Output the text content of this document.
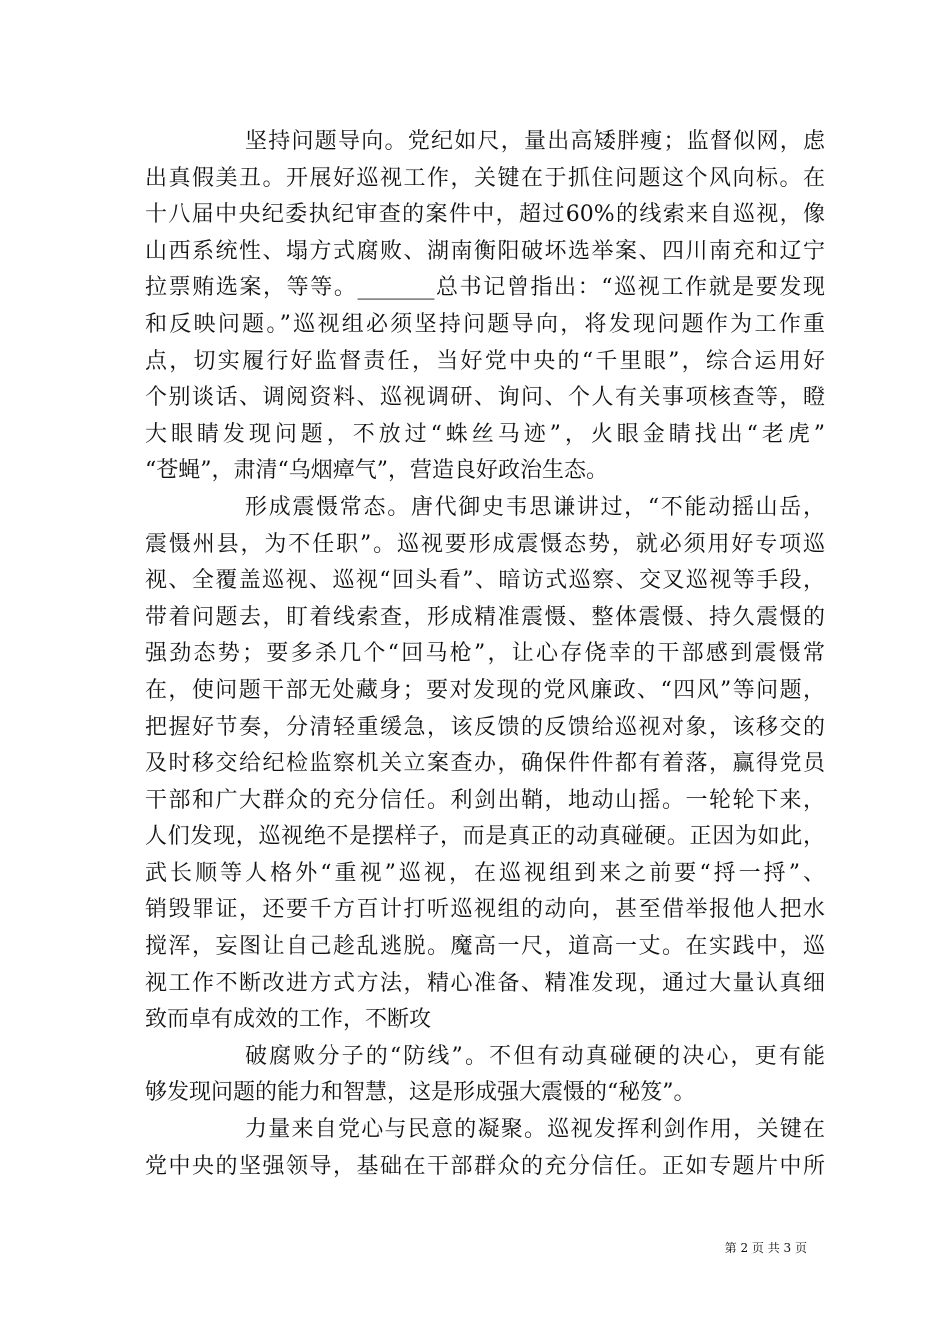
坚持问题导向。党纪如尺，量出高矮胖瘦；监督似网，虑
出真假美丑。开展好巡视工作，关键在于抓住问题这个风向标。在
十八届中央纪委执纪审查的案件中，超过60%的线索来自巡视，像
山西系统性、塌方式腐败、湖南衡阳破坏选举案、四川南充和辽宁
拉票贿选案，等等。_______总书记曾指出：“巡视工作就是要发现
和反映问题。”巡视组必须坚持问题导向，将发现问题作为工作重
点，切实履行好监督责任，当好党中央的“千里眼”，综合运用好
个别谈话、调阅资料、巡视调研、询问、个人有关事项核查等，瞪
大眼睛发现问题，不放过“蛛丝马迹”，火眼金睛找出“老虎”
“苍蝇”，肃清“乌烟瘴气”，营造良好政治生态。
形成震慑常态。唐代御史韦思谦讲过，“不能动摇山岳，
震慑州县，为不任职”。巡视要形成震慑态势，就必须用好专项巡
视、全覆盖巡视、巡视“回头看”、暗访式巡察、交叉巡视等手段，
带着问题去，盯着线索查，形成精准震慑、整体震慑、持久震慑的
强劲态势；要多杀几个“回马枪”，让心存侥幸的干部感到震慑常
在，使问题干部无处藏身；要对发现的党风廉政、“四风”等问题，
把握好节奏，分清轻重缓急，该反馈的反馈给巡视对象，该移交的
及时移交给纪检监察机关立案查办，确保件件都有着落，赢得党员
干部和广大群众的充分信任。利剑出鞘，地动山摇。一轮轮下来，
人们发现，巡视绝不是摆样子，而是真正的动真碰硬。正因为如此，
武长顺等人格外“重视”巡视，在巡视组到来之前要“捋一捋”、
销毁罪证，还要千方百计打听巡视组的动向，甚至借举报他人把水
搅浑，妄图让自己趁乱逃脱。魔高一尺，道高一丈。在实践中，巡
视工作不断改进方式方法，精心准备、精准发现，通过大量认真细
致而卓有成效的工作，不断攻
破腐败分子的“防线”。不但有动真碰硬的决心，更有能
够发现问题的能力和智慧，这是形成强大震慑的“秘笈”。
力量来自党心与民意的凝聚。巡视发挥利剑作用，关键在
党中央的坚强领导，基础在干部群众的充分信任。正如专题片中所
第 2 页 共 3 页
